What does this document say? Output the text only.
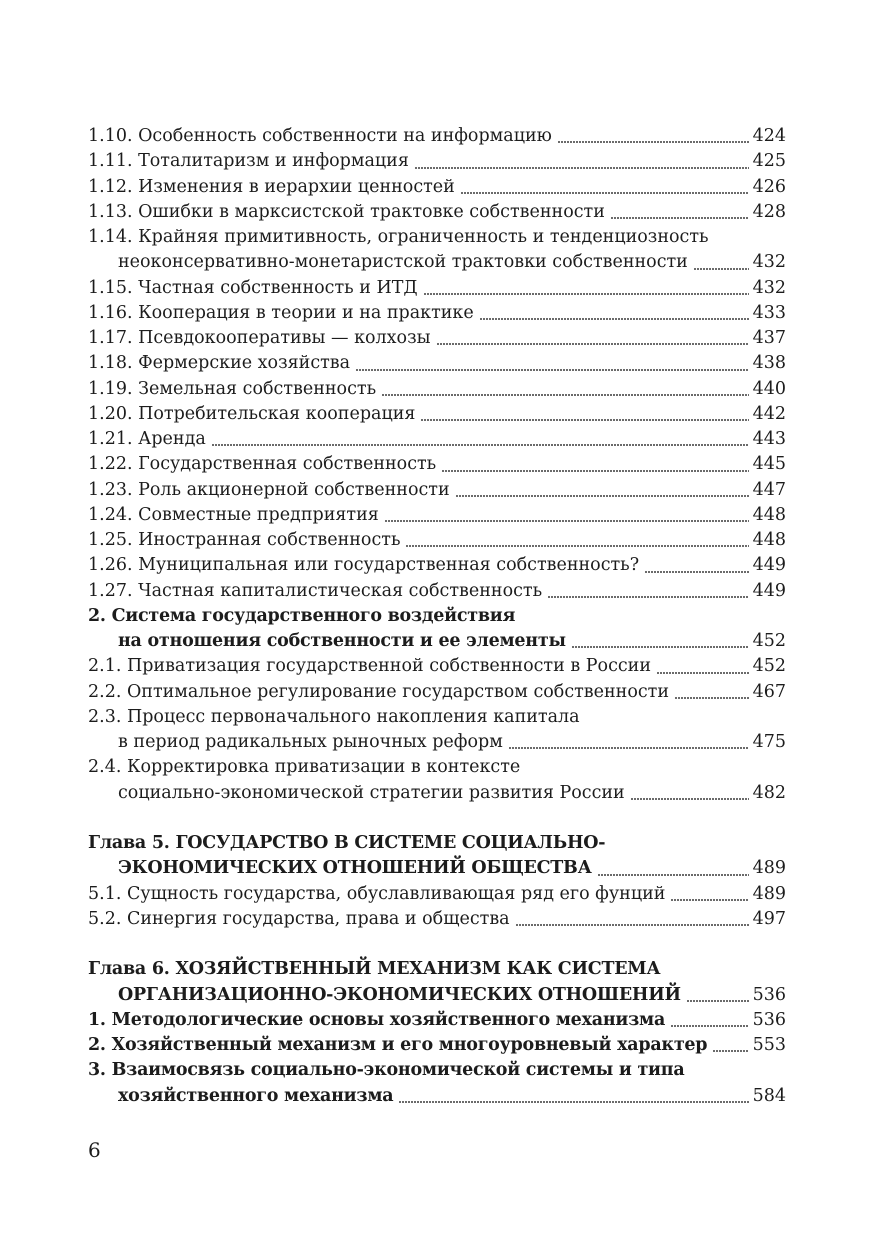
1.10. Особенность собственности на информацию	424
1.11. Тоталитаризм и информация	425
1.12. Изменения в иерархии ценностей	426
1.13. Ошибки в марксистской трактовке собственности	428
1.14. Крайняя примитивность, ограниченность и тенденциозность
неоконсервативно-монетаристской трактовки собственности	432
1.15. Частная собственность и ИТД	432
1.16. Кооперация в теории и на практике	433
1.17. Псевдокооперативы — колхозы	437
1.18. Фермерские хозяйства	438
1.19. Земельная собственность	440
1.20. Потребительская кооперация	442
1.21. Аренда	443
1.22. Государственная собственность	445
1.23. Роль акционерной собственности	447
1.24. Совместные предприятия	448
1.25. Иностранная собственность	448
1.26. Муниципальная или государственная собственность?	449
1.27. Частная капиталистическая собственность	449
2. Система государственного воздействия
на отношения собственности и ее элементы	452
2.1. Приватизация государственной собственности в России	452
2.2. Оптимальное регулирование государством собственности	467
2.3. Процесс первоначального накопления капитала
в период радикальных рыночных реформ	475
2.4. Корректировка приватизации в контексте
социально-экономической стратегии развития России	482
Глава 5. ГОСУДАРСТВО В СИСТЕМЕ СОЦИАЛЬНО-
ЭКОНОМИЧЕСКИХ ОТНОШЕНИЙ ОБЩЕСТВА	489
5.1. Сущность государства, обуславливающая ряд его фунций	489
5.2. Синергия государства, права и общества	497
Глава 6. ХОЗЯЙСТВЕННЫЙ МЕХАНИЗМ КАК СИСТЕМА
ОРГАНИЗАЦИОННО-ЭКОНОМИЧЕСКИХ ОТНОШЕНИЙ	536
1. Методологические основы хозяйственного механизма	536
2. Хозяйственный механизм и его многоуровневый характер	553
3. Взаимосвязь социально-экономической системы и типа
хозяйственного механизма	584
6
